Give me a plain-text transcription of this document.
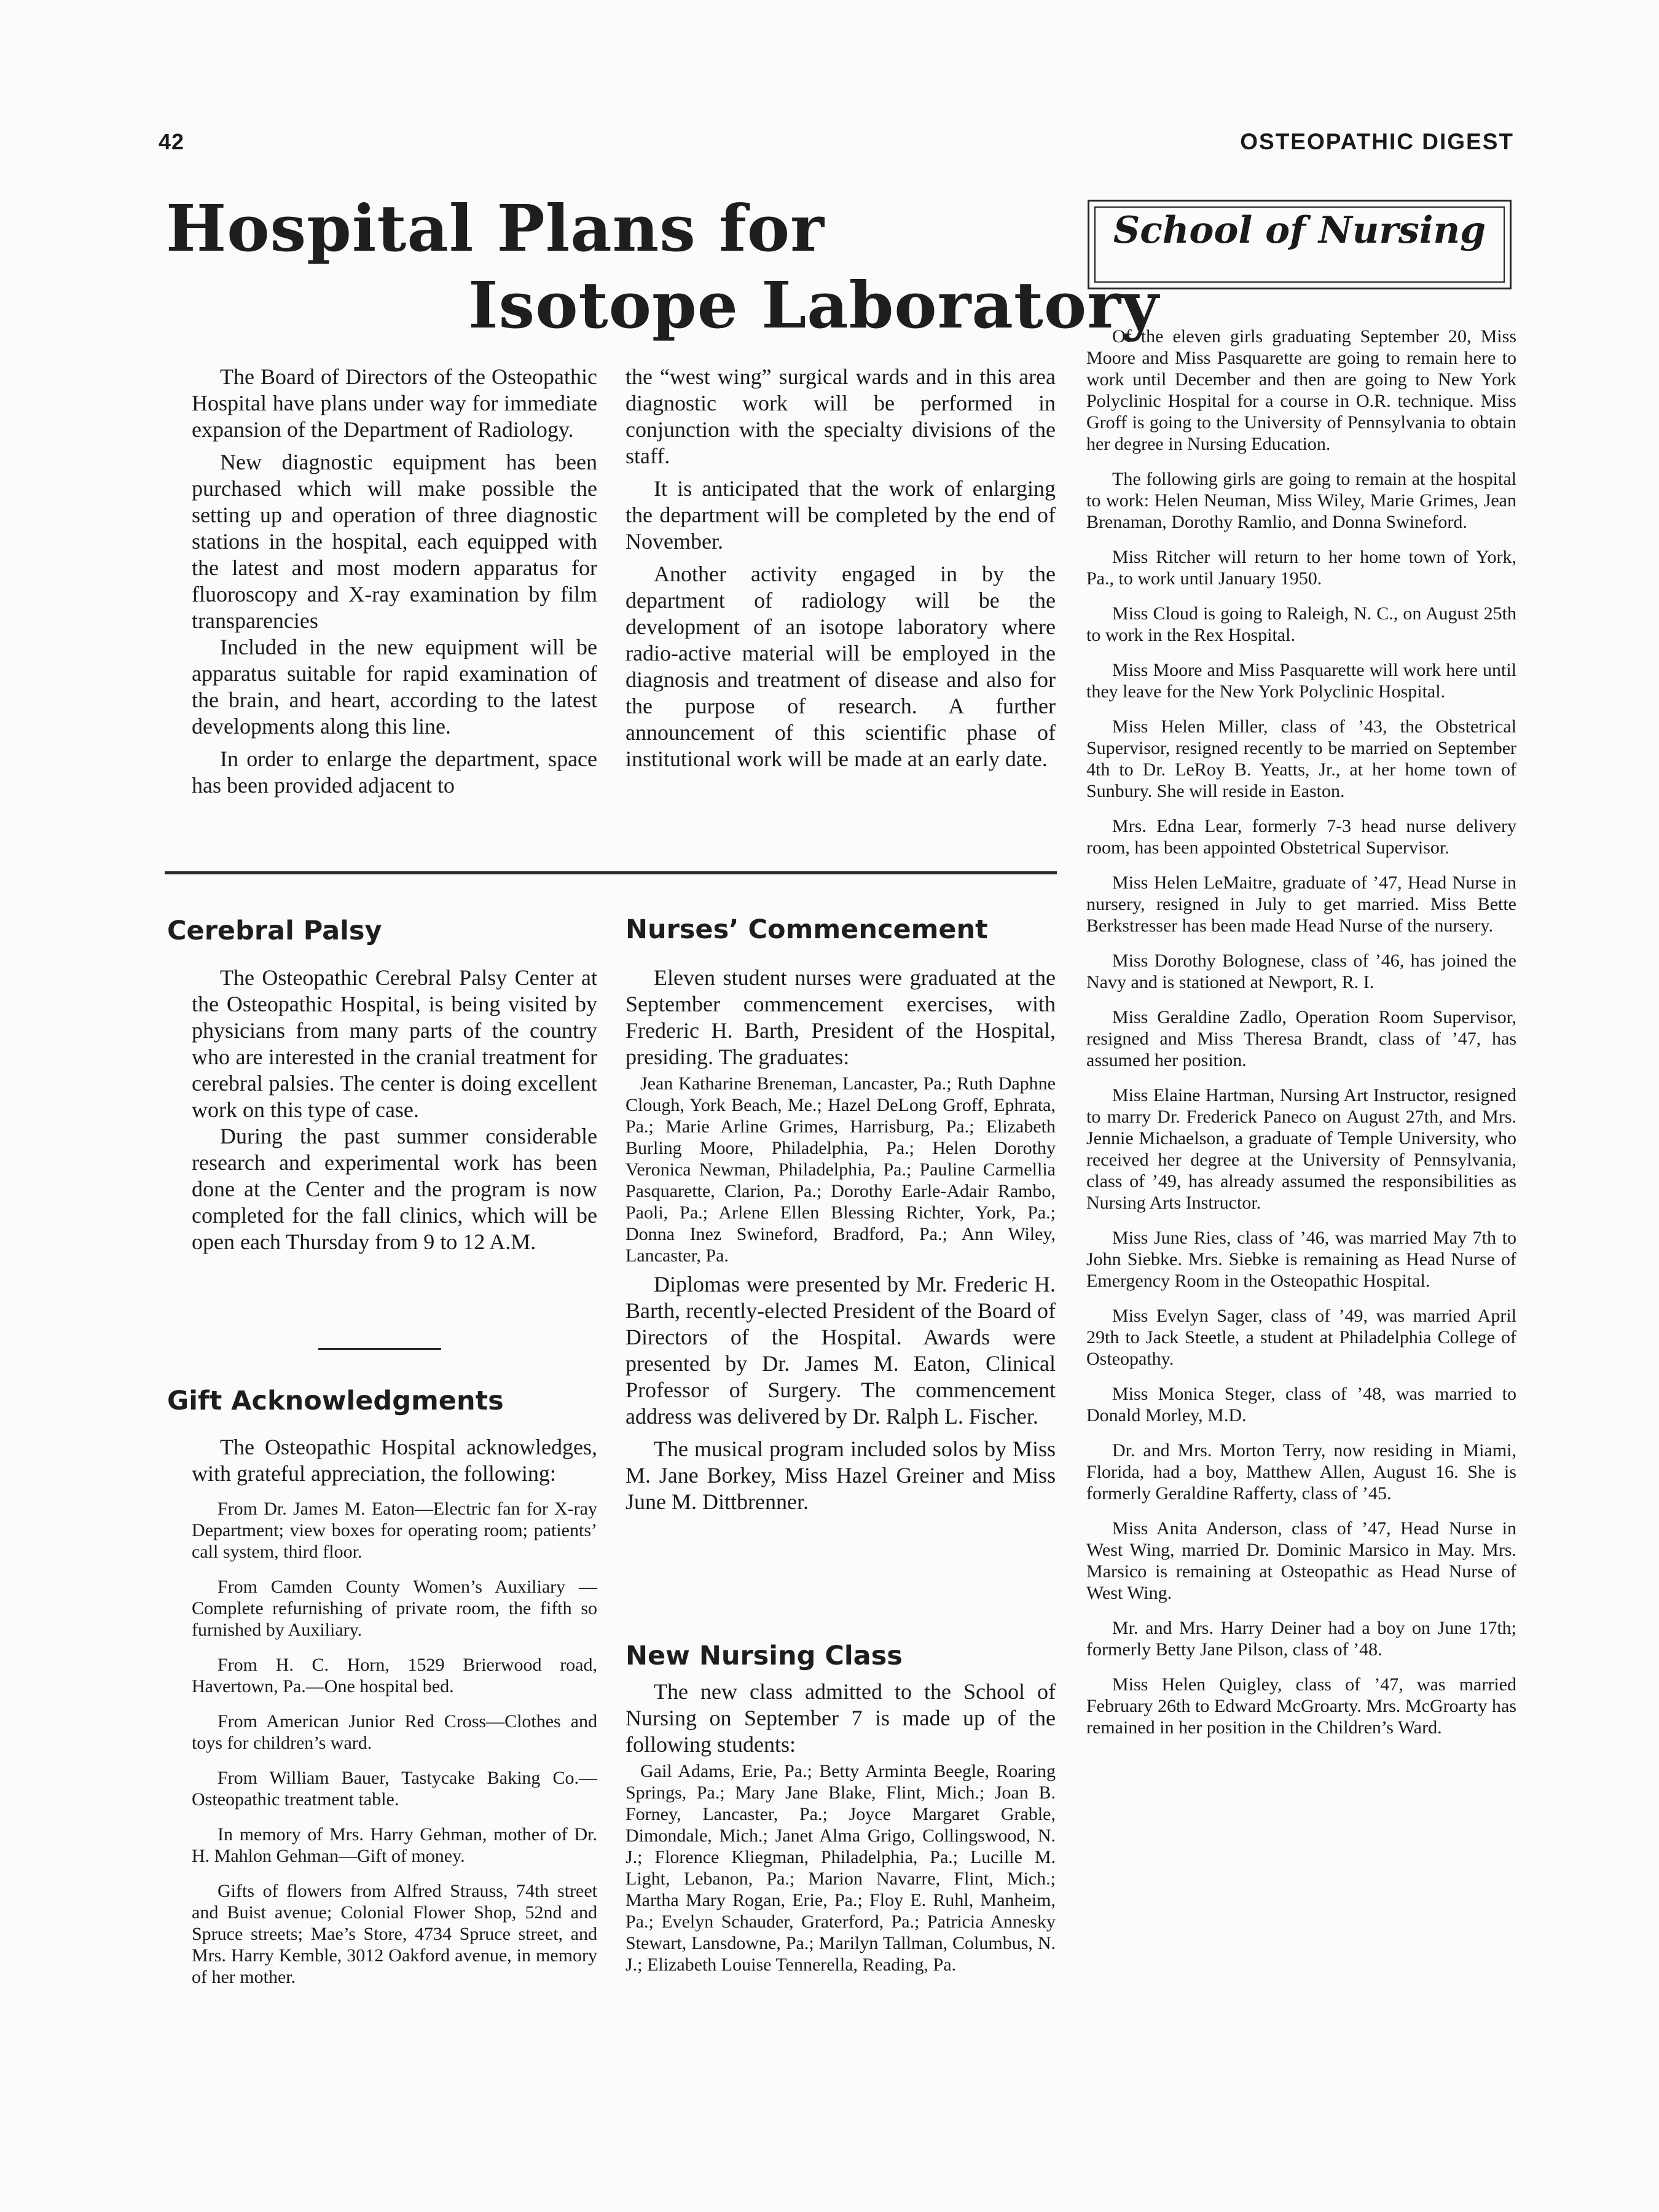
42	OSTEOPATHIC DIGEST
Hospital Plans for
Isotope Laboratory

The Board of Directors of the Osteopathic Hospital have plans under way for immediate expansion of the Department of Radiology.

New diagnostic equipment has been purchased which will make possible the setting up and operation of three diagnostic stations in the hospital, each equipped with the latest and most modern apparatus for fluoroscopy and X-ray examination by film transparencies

Included in the new equipment will be apparatus suitable for rapid examination of the brain, and heart, according to the latest developments along this line.

In order to enlarge the department, space has been provided adjacent to

the “west wing” surgical wards and in this area diagnostic work will be performed in conjunction with the specialty divisions of the staff.

It is anticipated that the work of enlarging the department will be completed by the end of November.

Another activity engaged in by the department of radiology will be the development of an isotope laboratory where radio-active material will be employed in the diagnosis and treatment of disease and also for the purpose of research. A further announcement of this scientific phase of institutional work will be made at an early date.

Cerebral Palsy

The Osteopathic Cerebral Palsy Center at the Osteopathic Hospital, is being visited by physicians from many parts of the country who are interested in the cranial treatment for cerebral palsies. The center is doing excellent work on this type of case.

During the past summer considerable research and experimental work has been done at the Center and the program is now completed for the fall clinics, which will be open each Thursday from 9 to 12 A.M.

Gift Acknowledgments

The Osteopathic Hospital acknowledges, with grateful appreciation, the following:

From Dr. James M. Eaton—Electric fan for X-ray Department; view boxes for operating room; patients’ call system, third floor.

From Camden County Women’s Auxiliary —Complete refurnishing of private room, the fifth so furnished by Auxiliary.

From H. C. Horn, 1529 Brierwood road, Havertown, Pa.—One hospital bed.

From American Junior Red Cross—Clothes and toys for children’s ward.

From William Bauer, Tastycake Baking Co.—Osteopathic treatment table.

In memory of Mrs. Harry Gehman, mother of Dr. H. Mahlon Gehman—Gift of money.

Gifts of flowers from Alfred Strauss, 74th street and Buist avenue; Colonial Flower Shop, 52nd and Spruce streets; Mae’s Store, 4734 Spruce street, and Mrs. Harry Kemble, 3012 Oakford avenue, in memory of her mother.

Nurses’ Commencement

Eleven student nurses were graduated at the September commencement exercises, with Frederic H. Barth, President of the Hospital, presiding. The graduates:

Jean Katharine Breneman, Lancaster, Pa.; Ruth Daphne Clough, York Beach, Me.; Hazel DeLong Groff, Ephrata, Pa.; Marie Arline Grimes, Harrisburg, Pa.; Elizabeth Burling Moore, Philadelphia, Pa.; Helen Dorothy Veronica Newman, Philadelphia, Pa.; Pauline Carmellia Pasquarette, Clarion, Pa.; Dorothy Earle-Adair Rambo, Paoli, Pa.; Arlene Ellen Blessing Richter, York, Pa.; Donna Inez Swineford, Bradford, Pa.; Ann Wiley, Lancaster, Pa.

Diplomas were presented by Mr. Frederic H. Barth, recently-elected President of the Board of Directors of the Hospital. Awards were presented by Dr. James M. Eaton, Clinical Professor of Surgery. The commencement address was delivered by Dr. Ralph L. Fischer.

The musical program included solos by Miss M. Jane Borkey, Miss Hazel Greiner and Miss June M. Dittbrenner.

New Nursing Class

The new class admitted to the School of Nursing on September 7 is made up of the following students:

Gail Adams, Erie, Pa.; Betty Arminta Beegle, Roaring Springs, Pa.; Mary Jane Blake, Flint, Mich.; Joan B. Forney, Lancaster, Pa.; Joyce Margaret Grable, Dimondale, Mich.; Janet Alma Grigo, Collingswood, N. J.; Florence Kliegman, Philadelphia, Pa.; Lucille M. Light, Lebanon, Pa.; Marion Navarre, Flint, Mich.; Martha Mary Rogan, Erie, Pa.; Floy E. Ruhl, Manheim, Pa.; Evelyn Schauder, Graterford, Pa.; Patricia Annesky Stewart, Lansdowne, Pa.; Marilyn Tallman, Columbus, N. J.; Elizabeth Louise Tennerella, Reading, Pa.

School of Nursing

Of the eleven girls graduating September 20, Miss Moore and Miss Pasquarette are going to remain here to work until December and then are going to New York Polyclinic Hospital for a course in O.R. technique. Miss Groff is going to the University of Pennsylvania to obtain her degree in Nursing Education.

The following girls are going to remain at the hospital to work: Helen Neuman, Miss Wiley, Marie Grimes, Jean Brenaman, Dorothy Ramlio, and Donna Swineford.

Miss Ritcher will return to her home town of York, Pa., to work until January 1950.

Miss Cloud is going to Raleigh, N. C., on August 25th to work in the Rex Hospital.

Miss Moore and Miss Pasquarette will work here until they leave for the New York Polyclinic Hospital.

Miss Helen Miller, class of ’43, the Obstetrical Supervisor, resigned recently to be married on September 4th to Dr. LeRoy B. Yeatts, Jr., at her home town of Sunbury. She will reside in Easton.

Mrs. Edna Lear, formerly 7-3 head nurse delivery room, has been appointed Obstetrical Supervisor.

Miss Helen LeMaitre, graduate of ’47, Head Nurse in nursery, resigned in July to get married. Miss Bette Berkstresser has been made Head Nurse of the nursery.

Miss Dorothy Bolognese, class of ’46, has joined the Navy and is stationed at Newport, R. I.

Miss Geraldine Zadlo, Operation Room Supervisor, resigned and Miss Theresa Brandt, class of ’47, has assumed her position.

Miss Elaine Hartman, Nursing Art Instructor, resigned to marry Dr. Frederick Paneco on August 27th, and Mrs. Jennie Michaelson, a graduate of Temple University, who received her degree at the University of Pennsylvania, class of ’49, has already assumed the responsibilities as Nursing Arts Instructor.

Miss June Ries, class of ’46, was married May 7th to John Siebke. Mrs. Siebke is remaining as Head Nurse of Emergency Room in the Osteopathic Hospital.

Miss Evelyn Sager, class of ’49, was married April 29th to Jack Steetle, a student at Philadelphia College of Osteopathy.

Miss Monica Steger, class of ’48, was married to Donald Morley, M.D.

Dr. and Mrs. Morton Terry, now residing in Miami, Florida, had a boy, Matthew Allen, August 16. She is formerly Geraldine Rafferty, class of ’45.

Miss Anita Anderson, class of ’47, Head Nurse in West Wing, married Dr. Dominic Marsico in May. Mrs. Marsico is remaining at Osteopathic as Head Nurse of West Wing.

Mr. and Mrs. Harry Deiner had a boy on June 17th; formerly Betty Jane Pilson, class of ’48.

Miss Helen Quigley, class of ’47, was married February 26th to Edward McGroarty. Mrs. McGroarty has remained in her position in the Children’s Ward.
